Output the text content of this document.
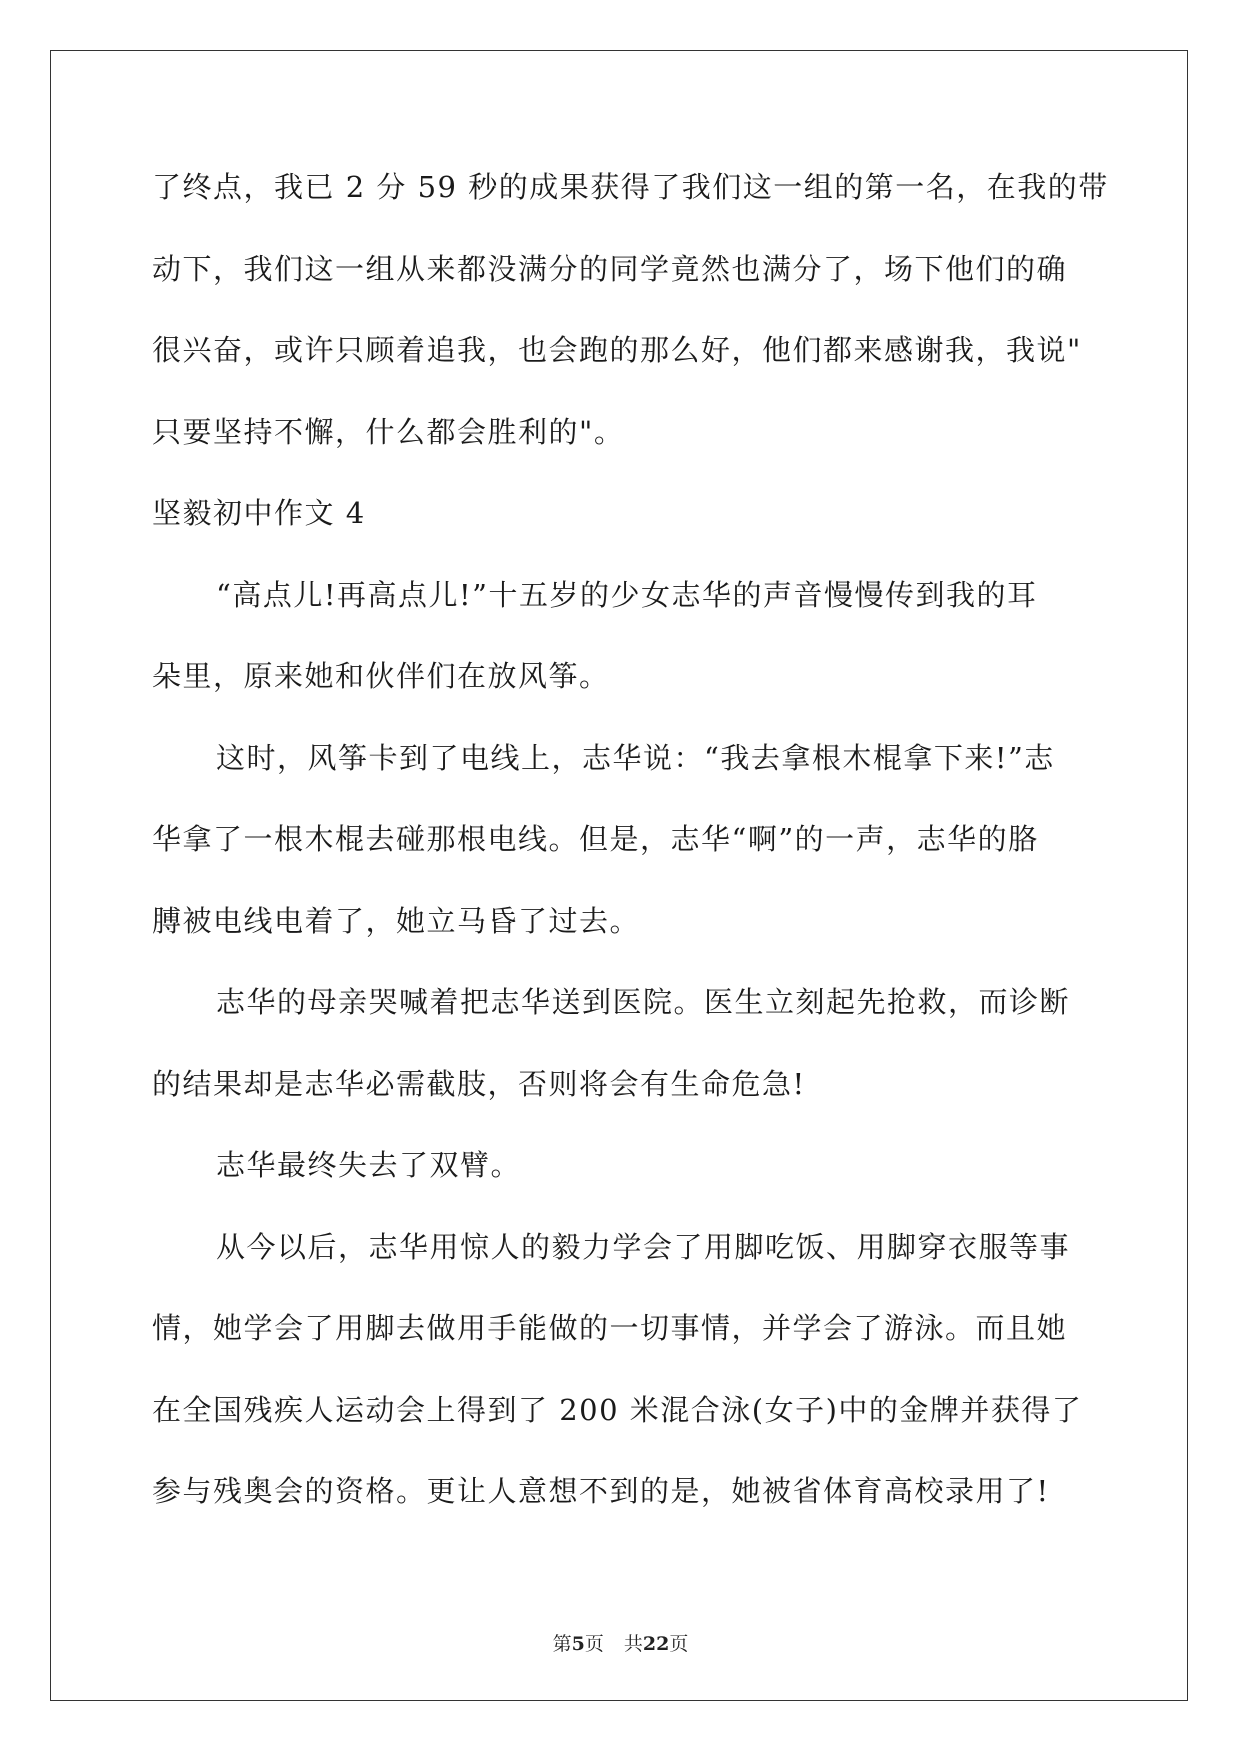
了终点，我已 2 分 59 秒的成果获得了我们这一组的第一名，在我的带
动下，我们这一组从来都没满分的同学竟然也满分了，场下他们的确
很兴奋，或许只顾着追我，也会跑的那么好，他们都来感谢我，我说"
只要坚持不懈，什么都会胜利的"。
坚毅初中作文 4
“高点儿!再高点儿!”十五岁的少女志华的声音慢慢传到我的耳
朵里，原来她和伙伴们在放风筝。
这时，风筝卡到了电线上，志华说：“我去拿根木棍拿下来!”志
华拿了一根木棍去碰那根电线。但是，志华“啊”的一声，志华的胳
膊被电线电着了，她立马昏了过去。
志华的母亲哭喊着把志华送到医院。医生立刻起先抢救，而诊断
的结果却是志华必需截肢，否则将会有生命危急!
志华最终失去了双臂。
从今以后，志华用惊人的毅力学会了用脚吃饭、用脚穿衣服等事
情，她学会了用脚去做用手能做的一切事情，并学会了游泳。而且她
在全国残疾人运动会上得到了 200 米混合泳(女子)中的金牌并获得了
参与残奥会的资格。更让人意想不到的是，她被省体育高校录用了!
第5页 共22页
